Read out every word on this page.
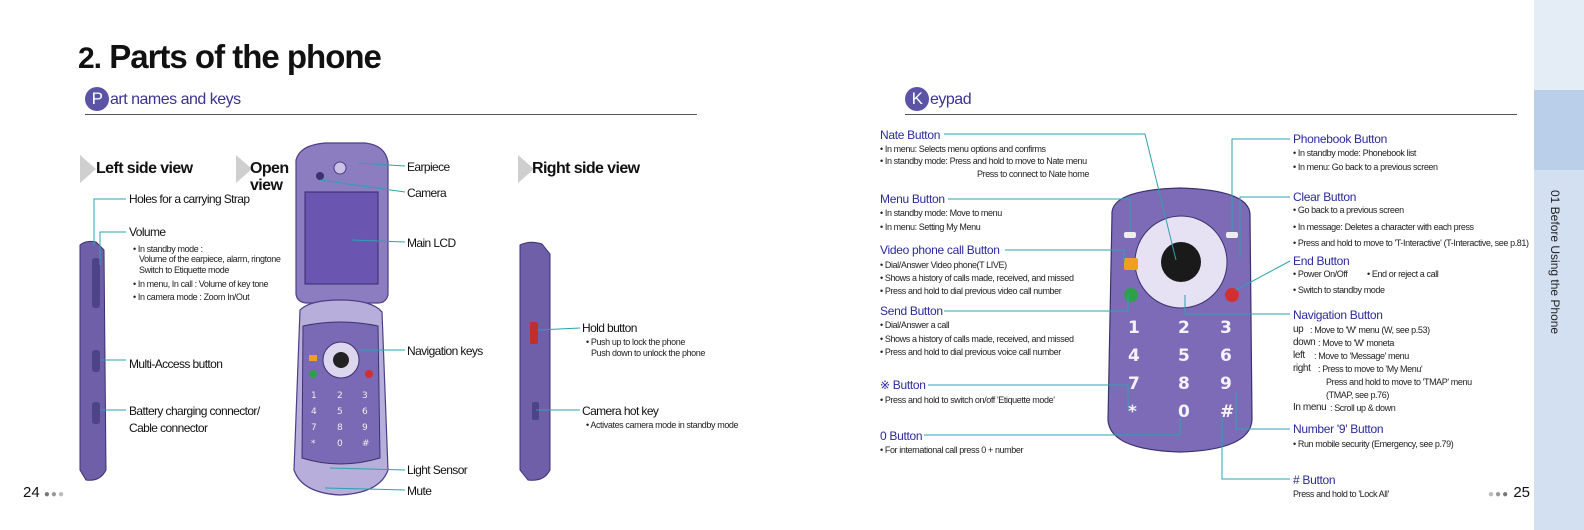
01 Before Using the Phone
2. Parts of the phone
P art names and keys	K eypad
Left side view	Open
view
Right side view
1 2 3
4 5 6
7 8 9
* 0 #
1 2 3
4 5 6
7 8 9
* 0 #
Holes for a carrying Strap
Volume
• In standby mode :
Volume of the earpiece, alarm, ringtone
Switch to Etiquette mode
• In menu, In call : Volume of key tone
• In camera mode : Zoom In/Out
Multi-Access button
Battery charging connector/
Cable connector
Earpiece
Camera
Main LCD
Navigation keys
Light Sensor
Mute
Hold button
• Push up to lock the phone
Push down to unlock the phone
Camera hot key
• Activates camera mode in standby mode
Nate Button
• In menu: Selects menu options and confirms
• In standby mode: Press and hold to move to Nate menu
Press to connect to Nate home
Menu Button
• In standby mode: Move to menu
• In menu: Setting My Menu
Video phone call Button
• Dial/Answer Video phone(T LIVE)
• Shows a history of calls made, received, and missed
• Press and hold to dial previous video call number
Send Button
• Dial/Answer a call
• Shows a history of calls made, received, and missed
• Press and hold to dial previous voice call number
※ Button
• Press and hold to switch on/off 'Etiquette mode'
0 Button
• For international call press 0 + number
Phonebook Button
• In standby mode: Phonebook list
• In menu: Go back to a previous screen
Clear Button
• Go back to a previous screen
• In message: Deletes a character with each press
• Press and hold to move to 'T-Interactive' (T-Interactive, see p.81)
End Button
• Power On/Off • End or reject a call
• Switch to standby mode
Navigation Button
up : Move to 'W' menu (W, see p.53)
down : Move to 'W' moneta
left : Move to 'Message' menu
right : Press to move to 'My Menu'
Press and hold to move to 'TMAP' menu
(TMAP, see p.76)
In menu : Scroll up & down
Number '9' Button
• Run mobile security (Emergency, see p.79)
# Button
Press and hold to 'Lock All'
24 ●●●	●●● 25
